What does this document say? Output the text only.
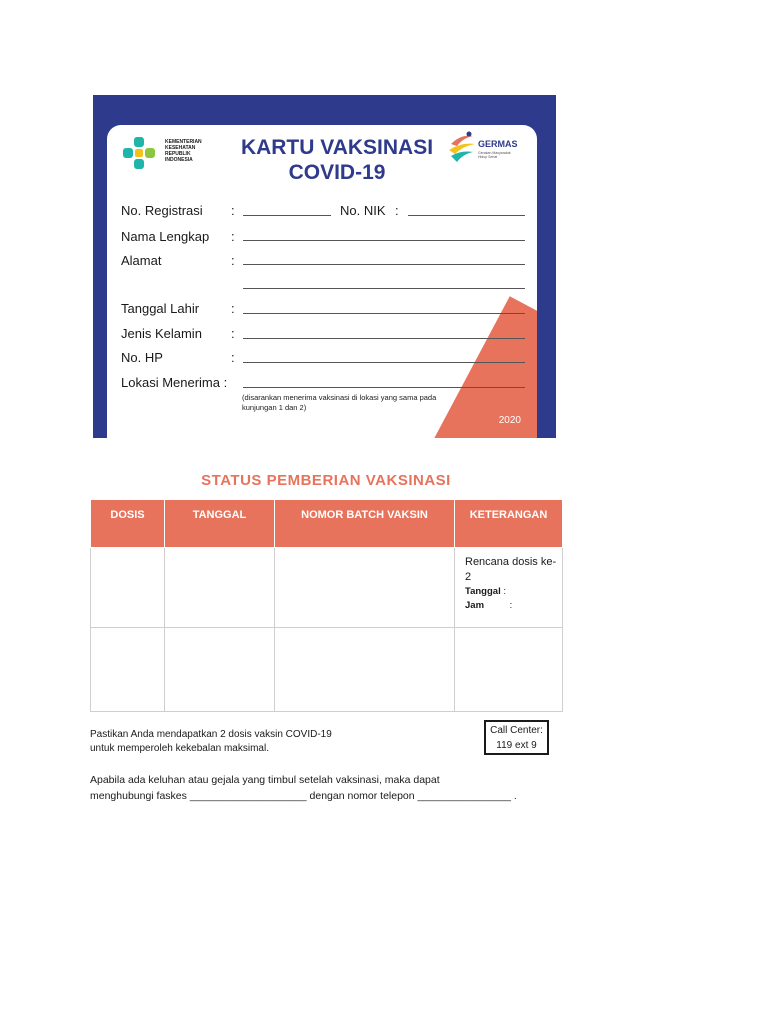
2020
KEMENTERIAN
KESEHATAN
REPUBLIK
INDONESIA
KARTU VAKSINASI
COVID-19
GERMAS
Gerakan Masyarakat Hidup Sehat
No. Registrasi :	No. NIK :
Nama Lengkap :
Alamat	:
Tanggal Lahir :
Jenis Kelamin :
No. HP	:
Lokasi Menerima :
(disarankan menerima vaksinasi di lokasi yang sama pada kunjungan 1 dan 2)
STATUS PEMBERIAN VAKSINASI
DOSIS	TANGGAL	NOMOR BATCH VAKSIN	KETERANGAN

			Rencana dosis ke-2
Tanggal :
Jam :

Pastikan Anda mendapatkan 2 dosis vaksin COVID-19
untuk memperoleh kekebalan maksimal.
Call Center:
119 ext 9
Apabila ada keluhan atau gejala yang timbul setelah vaksinasi, maka dapat
menghubungi faskes ____________________ dengan nomor telepon ________________ .
